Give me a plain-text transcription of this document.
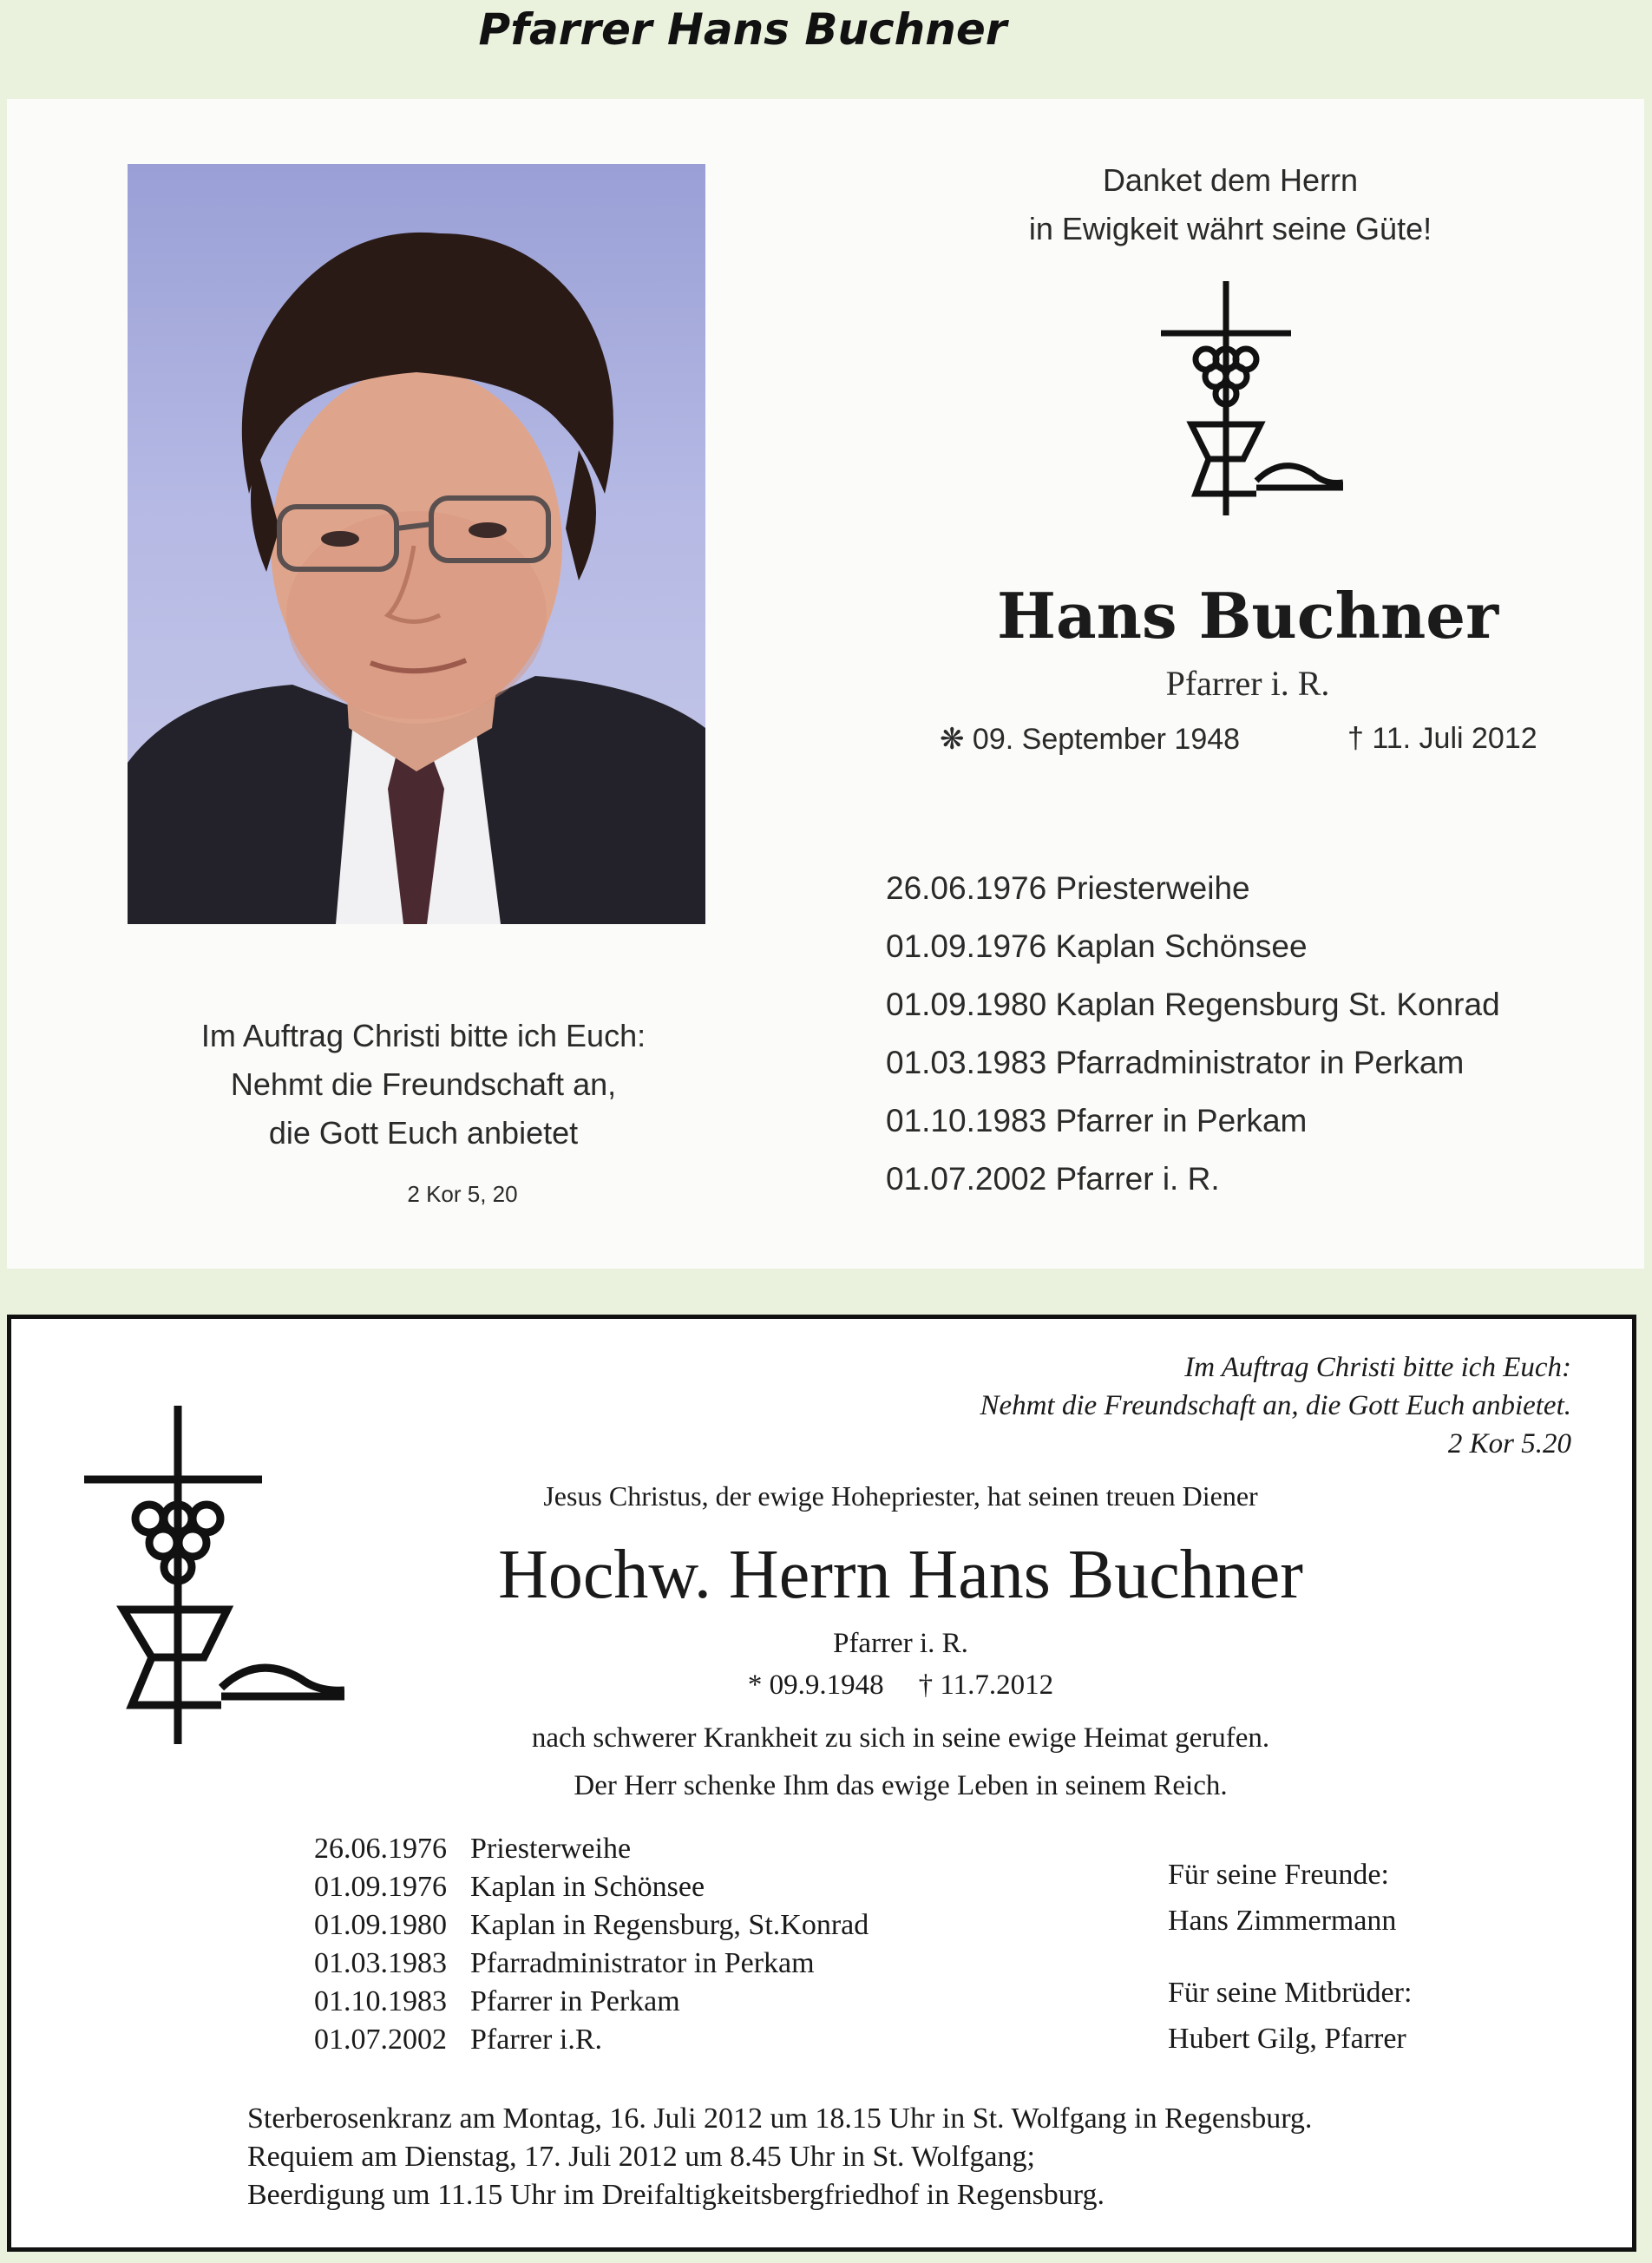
Pfarrer Hans Buchner
Im Auftrag Christi bitte ich Euch:
Nehmt die Freundschaft an,
die Gott Euch anbietet
2 Kor 5, 20
Danket dem Herrn
in Ewigkeit währt seine Güte!
Hans Buchner
Pfarrer i. R.
❋ 09. September 1948	† 11. Juli 2012
26.06.1976 Priesterweihe
01.09.1976 Kaplan Schönsee
01.09.1980 Kaplan Regensburg St. Konrad
01.03.1983 Pfarradministrator in Perkam
01.10.1983 Pfarrer in Perkam
01.07.2002 Pfarrer i. R.
Im Auftrag Christi bitte ich Euch:
Nehmt die Freundschaft an, die Gott Euch anbietet.
2 Kor 5.20
Jesus Christus, der ewige Hohepriester, hat seinen treuen Diener
Hochw. Herrn Hans Buchner
Pfarrer i. R.
* 09.9.1948 † 11.7.2012
nach schwerer Krankheit zu sich in seine ewige Heimat gerufen.
Der Herr schenke Ihm das ewige Leben in seinem Reich.
26.06.1976 Priesterweihe
01.09.1976 Kaplan in Schönsee
01.09.1980 Kaplan in Regensburg, St.Konrad
01.03.1983 Pfarradministrator in Perkam
01.10.1983 Pfarrer in Perkam
01.07.2002 Pfarrer i.R.
Für seine Freunde:
Hans Zimmermann
Für seine Mitbrüder:
Hubert Gilg, Pfarrer
Sterberosenkranz am Montag, 16. Juli 2012 um 18.15 Uhr in St. Wolfgang in Regensburg.
Requiem am Dienstag, 17. Juli 2012 um 8.45 Uhr in St. Wolfgang;
Beerdigung um 11.15 Uhr im Dreifaltigkeitsbergfriedhof in Regensburg.
